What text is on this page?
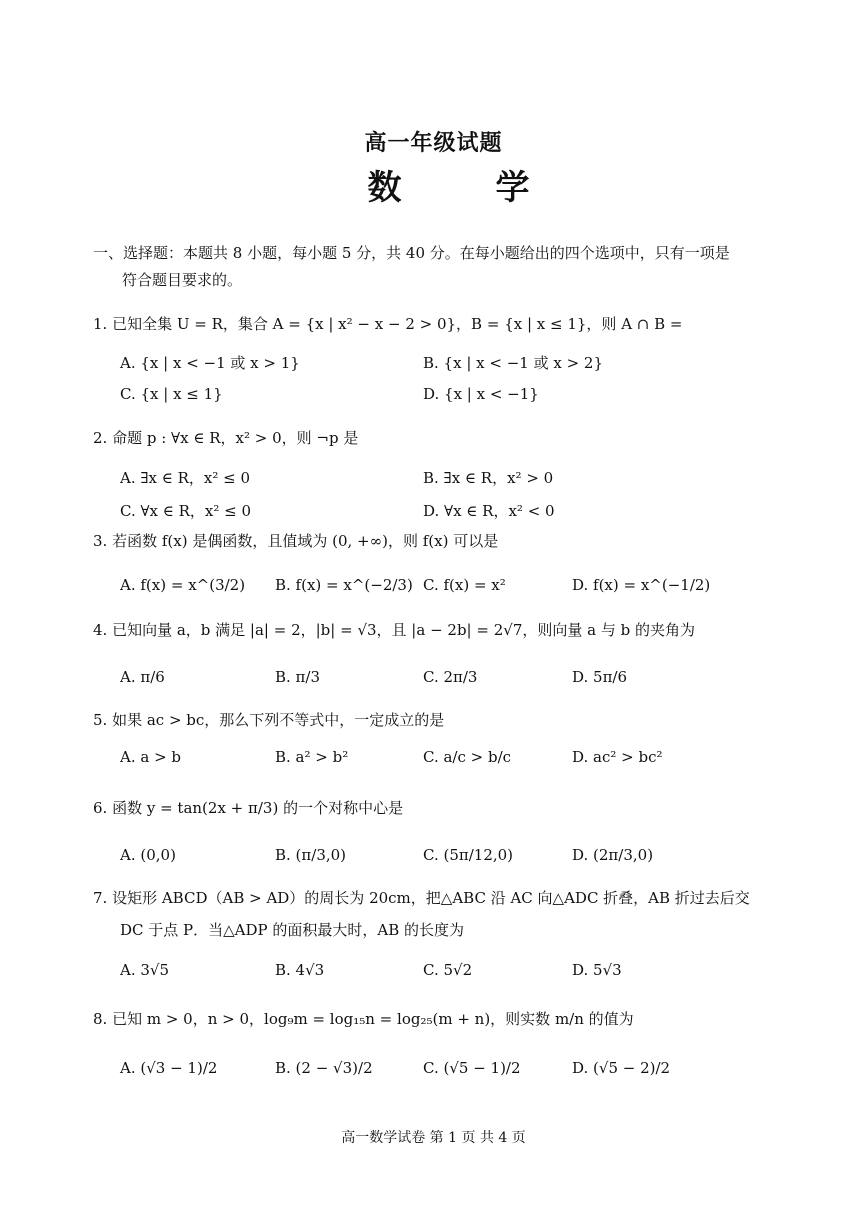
高一年级试题
数　学
一、选择题：本题共 8 小题，每小题 5 分，共 40 分。在每小题给出的四个选项中，只有一项是
符合题目要求的。
1. 已知全集 U = R，集合 A = {x | x² − x − 2 > 0}，B = {x | x ≤ 1}，则 A ∩ B =
A. {x | x < −1 或 x > 1}	B. {x | x < −1 或 x > 2}
C. {x | x ≤ 1}	D. {x | x < −1}
2. 命题 p : ∀x ∈ R，x² > 0，则 ¬p 是
A. ∃x ∈ R，x² ≤ 0	B. ∃x ∈ R，x² > 0
C. ∀x ∈ R，x² ≤ 0	D. ∀x ∈ R，x² < 0
3. 若函数 f(x) 是偶函数，且值域为 (0, +∞)，则 f(x) 可以是
A. f(x) = x^(3/2) B. f(x) = x^(−2/3) C. f(x) = x²	D. f(x) = x^(−1/2)
4. 已知向量 a，b 满足 |a| = 2，|b| = √3，且 |a − 2b| = 2√7，则向量 a 与 b 的夹角为
A. π/6	B. π/3	C. 2π/3	D. 5π/6
5. 如果 ac > bc，那么下列不等式中，一定成立的是
A. a > b	B. a² > b²	C. a/c > b/c	D. ac² > bc²
6. 函数 y = tan(2x + π/3) 的一个对称中心是
A. (0,0)	B. (π/3,0)	C. (5π/12,0)	D. (2π/3,0)
7. 设矩形 ABCD（AB > AD）的周长为 20cm，把△ABC 沿 AC 向△ADC 折叠，AB 折过去后交
DC 于点 P．当△ADP 的面积最大时，AB 的长度为
A. 3√5	B. 4√3	C. 5√2	D. 5√3
8. 已知 m > 0，n > 0，log₉m = log₁₅n = log₂₅(m + n)，则实数 m/n 的值为
A. (√3 − 1)/2	B. (2 − √3)/2	C. (√5 − 1)/2	D. (√5 − 2)/2
高一数学试卷 第 1 页 共 4 页
